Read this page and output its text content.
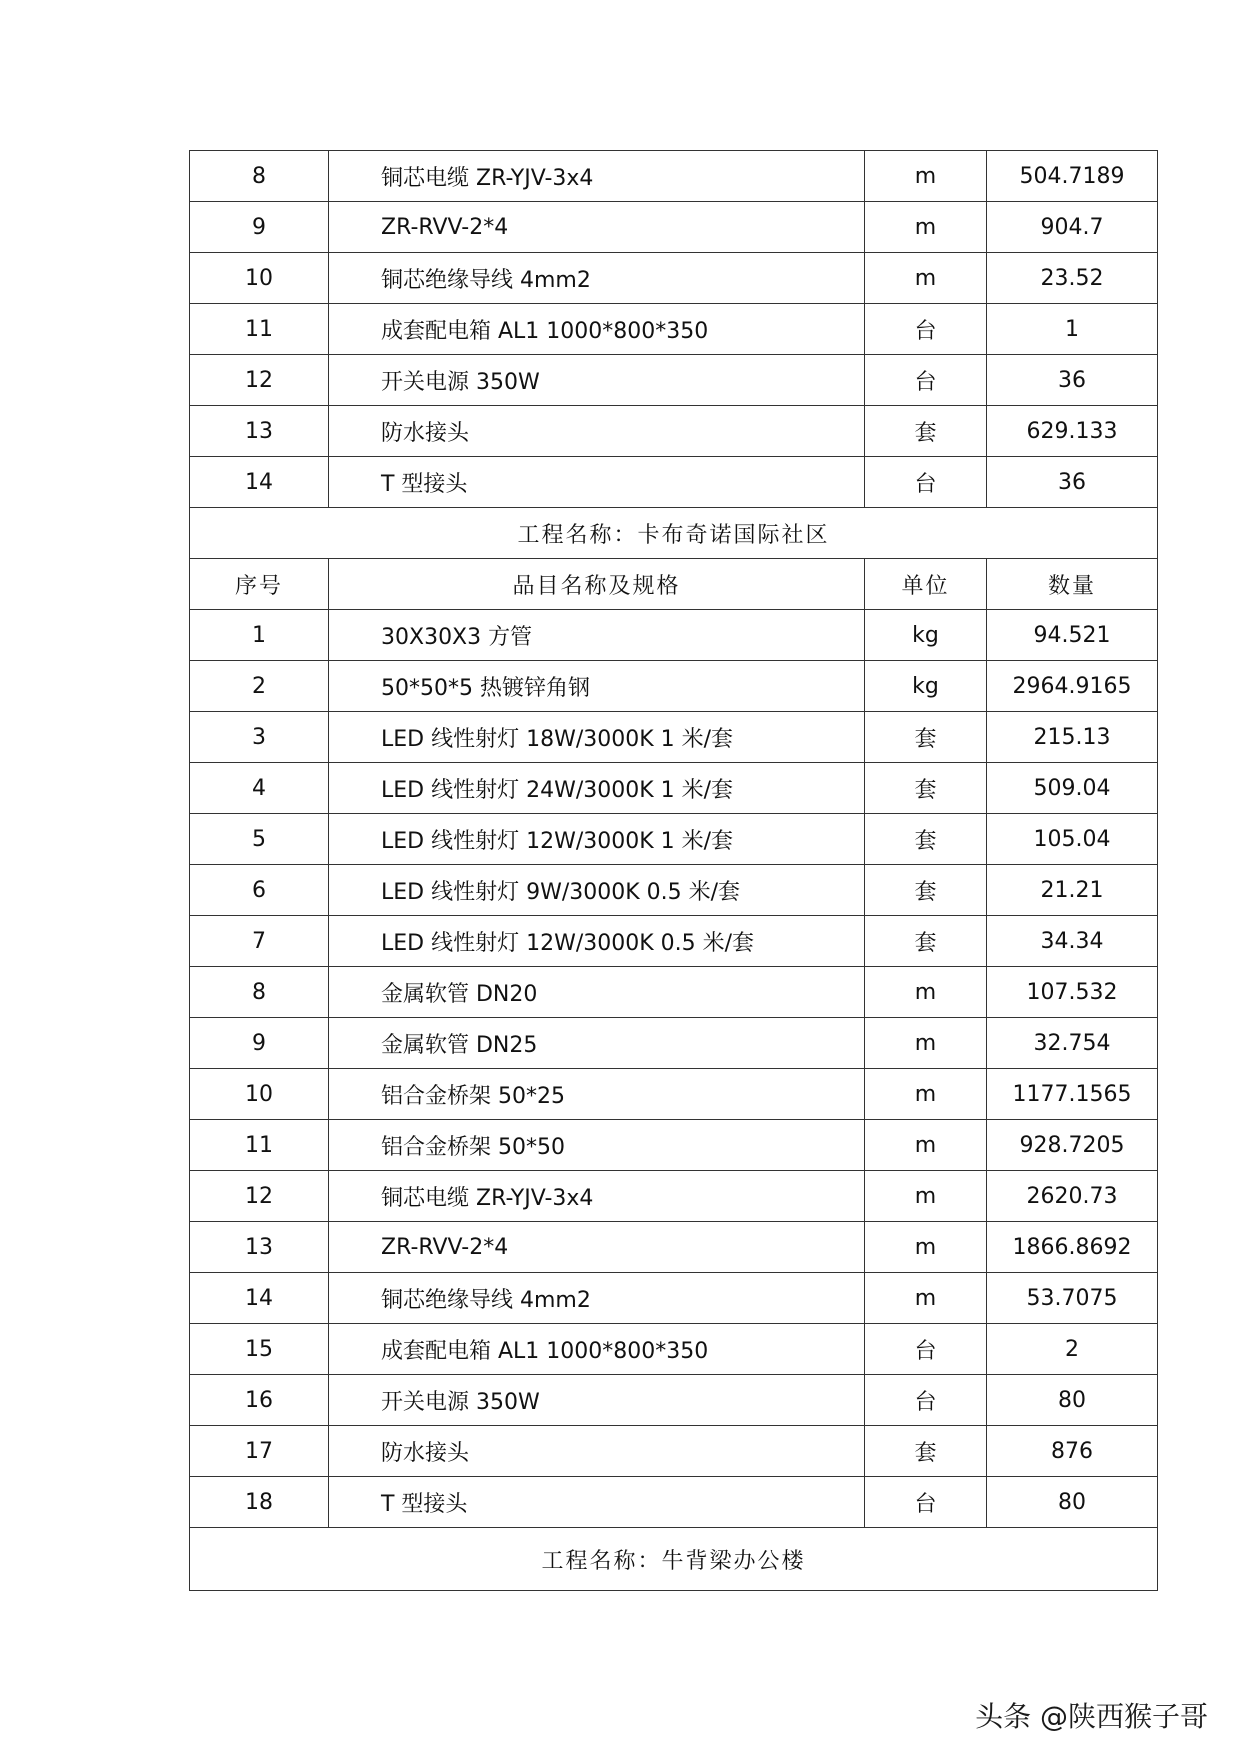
8	铜芯电缆 ZR-YJV-3x4	m	504.7189
9	ZR-RVV-2*4	m	904.7
10	铜芯绝缘导线 4mm2	m	23.52
11	成套配电箱 AL1 1000*800*350	台	1
12	开关电源 350W	台	36
13	防水接头	套	629.133
14	T 型接头	台	36
工程名称：卡布奇诺国际社区			
序号	品目名称及规格	单位	数量
1	30X30X3 方管	kg	94.521
2	50*50*5 热镀锌角钢	kg	2964.9165
3	LED 线性射灯 18W/3000K 1 米/套	套	215.13
4	LED 线性射灯 24W/3000K 1 米/套	套	509.04
5	LED 线性射灯 12W/3000K 1 米/套	套	105.04
6	LED 线性射灯 9W/3000K 0.5 米/套	套	21.21
7	LED 线性射灯 12W/3000K 0.5 米/套	套	34.34
8	金属软管 DN20	m	107.532
9	金属软管 DN25	m	32.754
10	铝合金桥架 50*25	m	1177.1565
11	铝合金桥架 50*50	m	928.7205
12	铜芯电缆 ZR-YJV-3x4	m	2620.73
13	ZR-RVV-2*4	m	1866.8692
14	铜芯绝缘导线 4mm2	m	53.7075
15	成套配电箱 AL1 1000*800*350	台	2
16	开关电源 350W	台	80
17	防水接头	套	876
18	T 型接头	台	80
工程名称：牛背梁办公楼			
头条 @陕西猴子哥
